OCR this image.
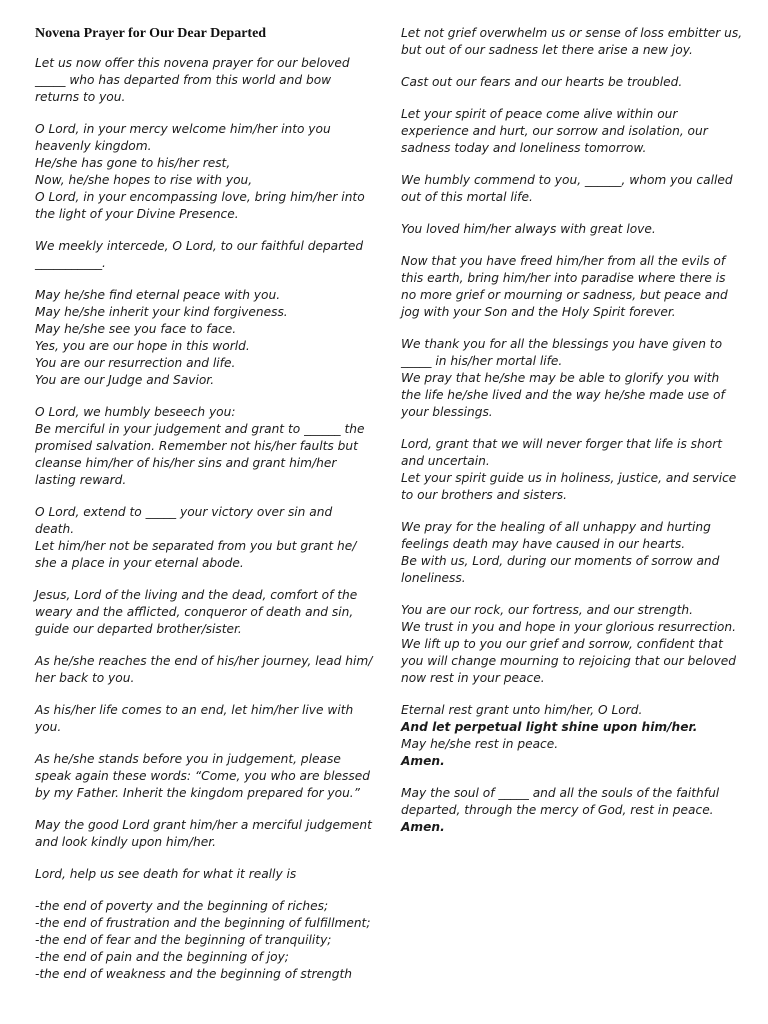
Novena Prayer for Our Dear Departed
Let us now offer this novena prayer for our beloved
_____ who has departed from this world and bow
returns to you.
O Lord, in your mercy welcome him/her into you
heavenly kingdom.
He/she has gone to his/her rest,
Now, he/she hopes to rise with you,
O Lord, in your encompassing love, bring him/her into
the light of your Divine Presence.
We meekly intercede, O Lord, to our faithful departed
___________.
May he/she find eternal peace with you.
May he/she inherit your kind forgiveness.
May he/she see you face to face.
Yes, you are our hope in this world.
You are our resurrection and life.
You are our Judge and Savior.
O Lord, we humbly beseech you:
Be merciful in your judgement and grant to ______ the
promised salvation. Remember not his/her faults but
cleanse him/her of his/her sins and grant him/her
lasting reward.
O Lord, extend to _____ your victory over sin and
death.
Let him/her not be separated from you but grant he/
she a place in your eternal abode.
Jesus, Lord of the living and the dead, comfort of the
weary and the afflicted, conqueror of death and sin,
guide our departed brother/sister.
As he/she reaches the end of his/her journey, lead him/
her back to you.
As his/her life comes to an end, let him/her live with
you.
As he/she stands before you in judgement, please
speak again these words: “Come, you who are blessed
by my Father. Inherit the kingdom prepared for you.”
May the good Lord grant him/her a merciful judgement
and look kindly upon him/her.
Lord, help us see death for what it really is
-the end of poverty and the beginning of riches;
-the end of frustration and the beginning of fulfillment;
-the end of fear and the beginning of tranquility;
-the end of pain and the beginning of joy;
-the end of weakness and the beginning of strength
Let not grief overwhelm us or sense of loss embitter us,
but out of our sadness let there arise a new joy.
Cast out our fears and our hearts be troubled.
Let your spirit of peace come alive within our
experience and hurt, our sorrow and isolation, our
sadness today and loneliness tomorrow.
We humbly commend to you, ______, whom you called
out of this mortal life.
You loved him/her always with great love.
Now that you have freed him/her from all the evils of
this earth, bring him/her into paradise where there is
no more grief or mourning or sadness, but peace and
jog with your Son and the Holy Spirit forever.
We thank you for all the blessings you have given to
_____ in his/her mortal life.
We pray that he/she may be able to glorify you with
the life he/she lived and the way he/she made use of
your blessings.
Lord, grant that we will never forger that life is short
and uncertain.
Let your spirit guide us in holiness, justice, and service
to our brothers and sisters.
We pray for the healing of all unhappy and hurting
feelings death may have caused in our hearts.
Be with us, Lord, during our moments of sorrow and
loneliness.
You are our rock, our fortress, and our strength.
We trust in you and hope in your glorious resurrection.
We lift up to you our grief and sorrow, confident that
you will change mourning to rejoicing that our beloved
now rest in your peace.
Eternal rest grant unto him/her, O Lord.
And let perpetual light shine upon him/her.
May he/she rest in peace.
Amen.
May the soul of _____ and all the souls of the faithful
departed, through the mercy of God, rest in peace.
Amen.
